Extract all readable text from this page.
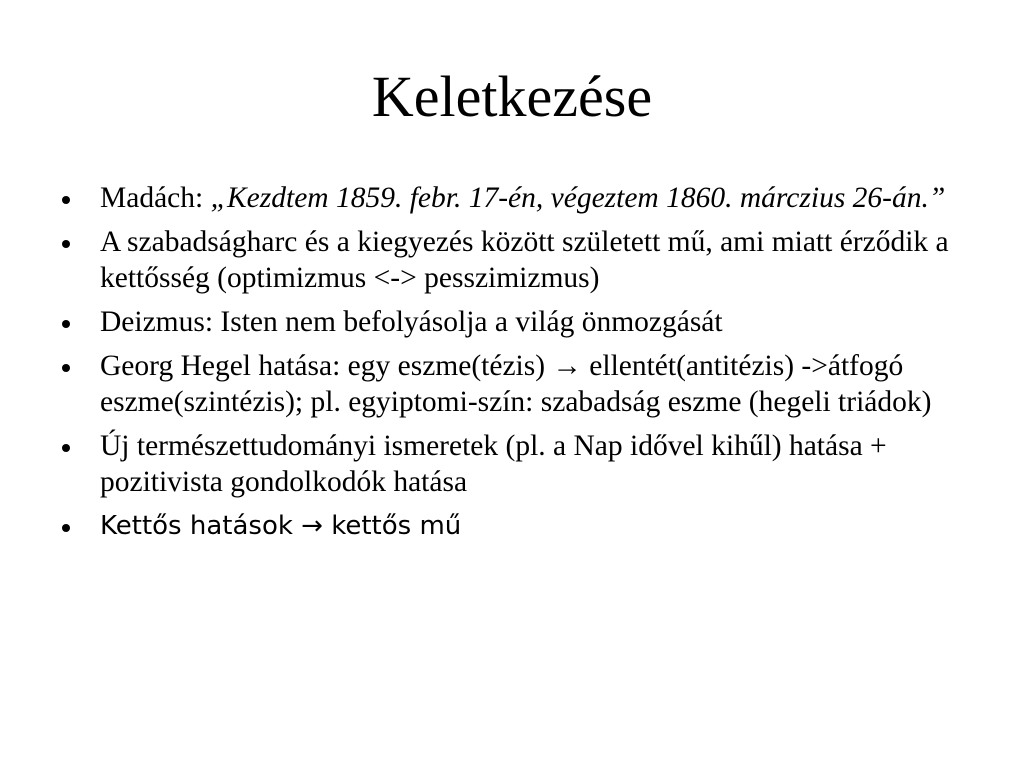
Keletkezése
Madách: „Kezdtem 1859. febr. 17-én, végeztem 1860. márczius 26-án.”
A szabadságharc és a kiegyezés között született mű, ami miatt érződik a kettősség (optimizmus <-> pesszimizmus)
Deizmus: Isten nem befolyásolja a világ önmozgását
Georg Hegel hatása: egy eszme(tézis) → ellentét(antitézis) ->átfogó eszme(szintézis); pl. egyiptomi-szín: szabadság eszme (hegeli triádok)
Új természettudományi ismeretek (pl. a Nap idővel kihűl) hatása + pozitivista gondolkodók hatása
Kettős hatások → kettős mű
